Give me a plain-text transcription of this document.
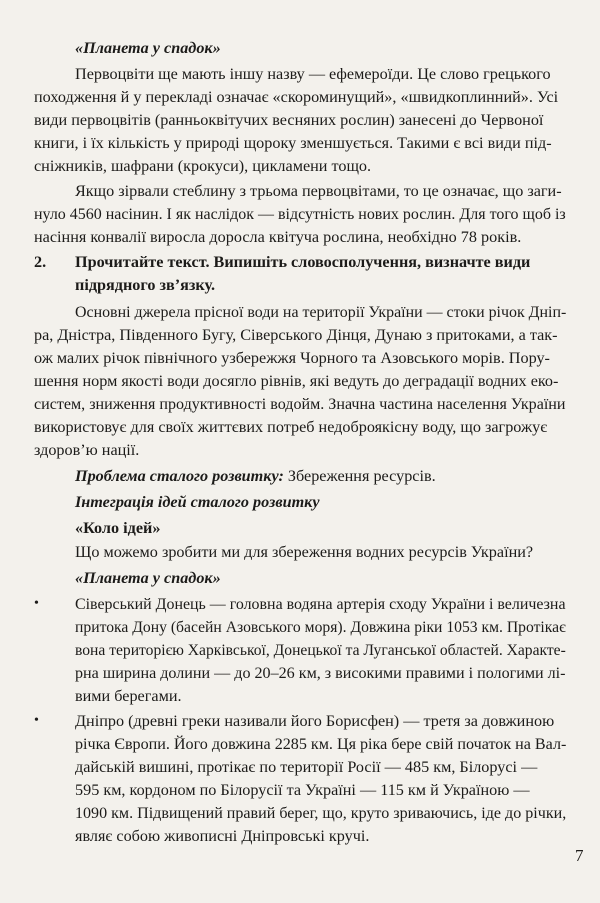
«Планета у спадок»
Первоцвіти ще мають іншу назву — ефемероїди. Це слово грецького
походження й у перекладі означає «скороминущий», «швидкоплинний». Усі
види первоцвітів (ранньоквітучих весняних рослин) занесені до Червоної
книги, і їх кількість у природі щороку зменшується. Такими є всі види під-
сніжників, шафрани (крокуси), цикламени тощо.
Якщо зірвали стеблину з трьома первоцвітами, то це означає, що заги-
нуло 4560 насінин. І як наслідок — відсутність нових рослин. Для того щоб із
насіння конвалії виросла доросла квітуча рослина, необхідно 78 років.
2. Прочитайте текст. Випишіть словосполучення, визначте види
підрядного зв’язку.
Основні джерела прісної води на території України — стоки річок Дніп-
ра, Дністра, Південного Бугу, Сіверського Дінця, Дунаю з притоками, а так-
ож малих річок північного узбережжя Чорного та Азовського морів. Пору-
шення норм якості води досягло рівнів, які ведуть до деградації водних еко-
систем, зниження продуктивності водойм. Значна частина населення України
використовує для своїх життєвих потреб недоброякісну воду, що загрожує
здоров’ю нації.
Проблема сталого розвитку: Збереження ресурсів.
Інтеграція ідей сталого розвитку
«Коло ідей»
Що можемо зробити ми для збереження водних ресурсів України?
«Планета у спадок»
• Сіверський Донець — головна водяна артерія сходу України і величезна
притока Дону (басейн Азовського моря). Довжина ріки 1053 км. Протікає
вона територією Харківської, Донецької та Луганської областей. Характе-
рна ширина долини — до 20–26 км, з високими правими і пологими лі-
вими берегами.
• Дніпро (древні греки називали його Борисфен) — третя за довжиною
річка Європи. Його довжина 2285 км. Ця ріка бере свій початок на Вал-
дайській вишині, протікає по території Росії — 485 км, Білорусі —
595 км, кордоном по Білорусії та Україні — 115 км й Україною —
1090 км. Підвищений правий берег, що, круто зриваючись, іде до річки,
являє собою живописні Дніпровські кручі.
7
